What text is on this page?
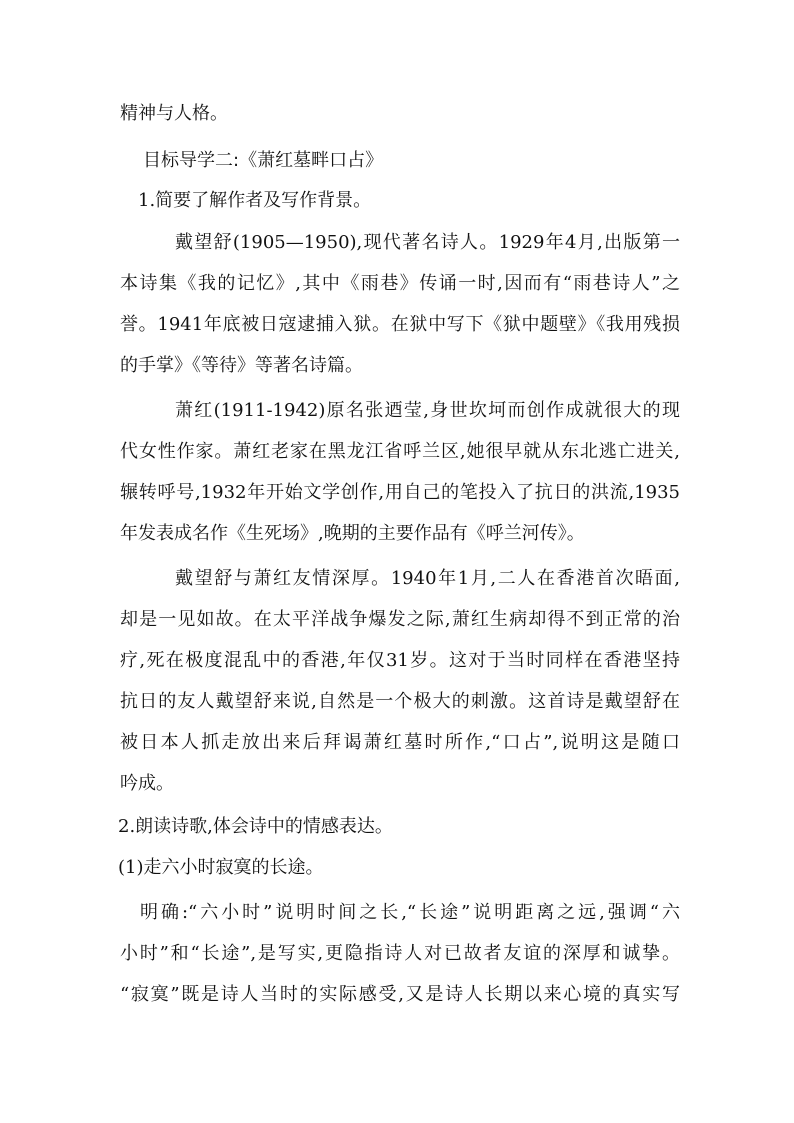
精神与人格。
目标导学二:《萧红墓畔口占》
1.简要了解作者及写作背景。
戴望舒(1905—1950),现代著名诗人。1929年4月,出版第一
本诗集《我的记忆》,其中《雨巷》传诵一时,因而有“雨巷诗人”之
誉。1941年底被日寇逮捕入狱。在狱中写下《狱中题壁》《我用残损
的手掌》《等待》等著名诗篇。
萧红(1911-1942)原名张迺莹,身世坎坷而创作成就很大的现
代女性作家。萧红老家在黑龙江省呼兰区,她很早就从东北逃亡进关,
辗转呼号,1932年开始文学创作,用自己的笔投入了抗日的洪流,1935
年发表成名作《生死场》,晚期的主要作品有《呼兰河传》。
戴望舒与萧红友情深厚。1940年1月,二人在香港首次晤面,
却是一见如故。在太平洋战争爆发之际,萧红生病却得不到正常的治
疗,死在极度混乱中的香港,年仅31岁。这对于当时同样在香港坚持
抗日的友人戴望舒来说,自然是一个极大的刺激。这首诗是戴望舒在
被日本人抓走放出来后拜谒萧红墓时所作,“口占”,说明这是随口
吟成。
2.朗读诗歌,体会诗中的情感表达。
(1)走六小时寂寞的长途。
明确:“六小时”说明时间之长,“长途”说明距离之远,强调“六
小时”和“长途”,是写实,更隐指诗人对已故者友谊的深厚和诚挚。
“寂寞”既是诗人当时的实际感受,又是诗人长期以来心境的真实写
